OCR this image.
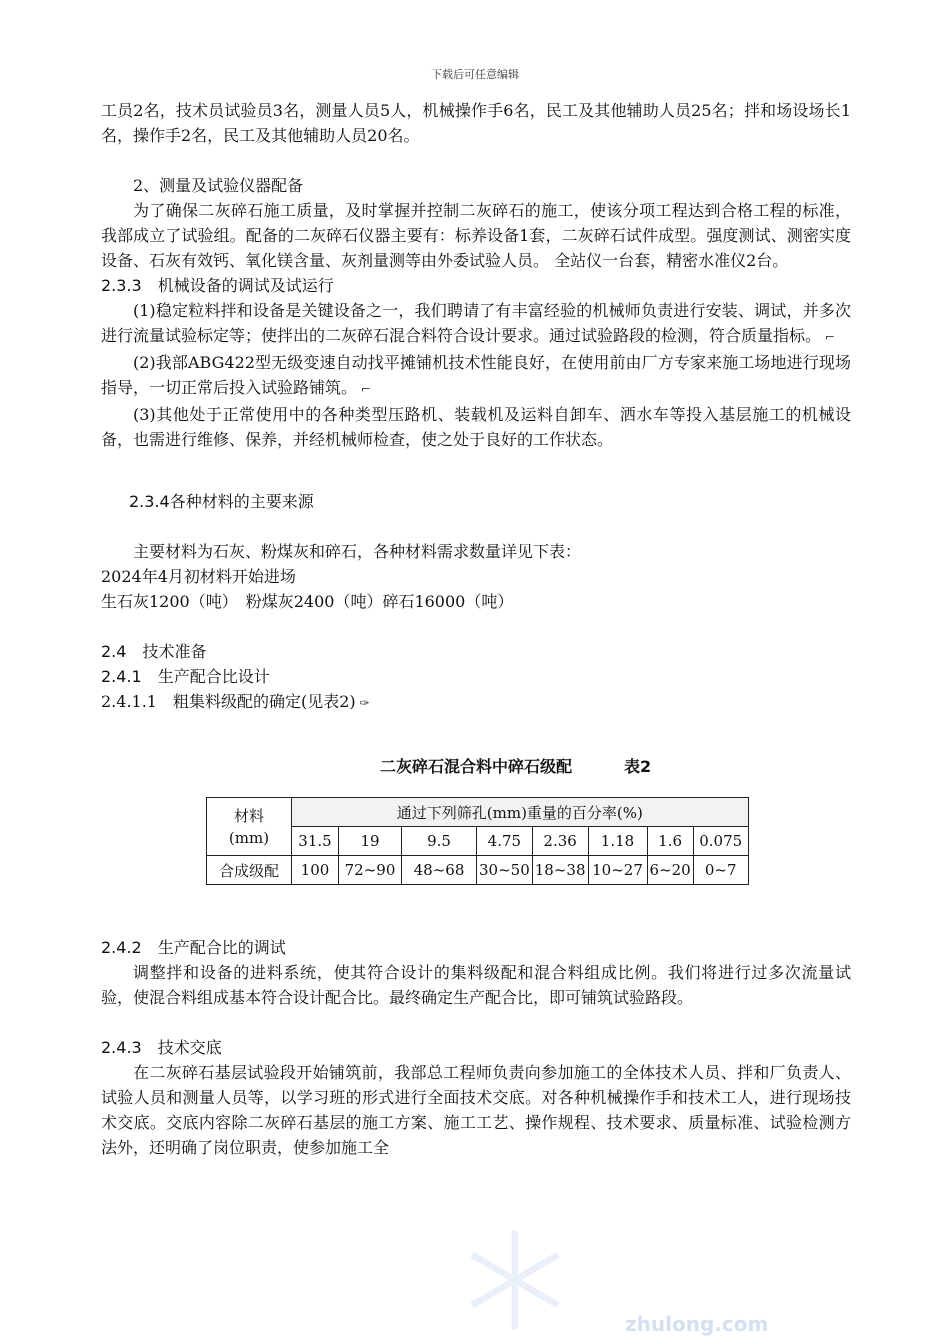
下载后可任意编辑

工员2名，技术员试验员3名，测量人员5人，机械操作手6名，民工及其他辅助人员25名；拌和场设场长1名，操作手2名，民工及其他辅助人员20名。

2、测量及试验仪器配备

为了确保二灰碎石施工质量，及时掌握并控制二灰碎石的施工，使该分项工程达到合格工程的标准，我部成立了试验组。配备的二灰碎石仪器主要有：标养设备1套，二灰碎石试件成型。强度测试、测密实度设备、石灰有效钙、氧化镁含量、灰剂量测等由外委试验人员。 全站仪一台套，精密水准仪2台。

2.3.3　机械设备的调试及试运行

(1)稳定粒料拌和设备是关键设备之一，我们聘请了有丰富经验的机械师负责进行安装、调试，并多次进行流量试验标定等；使拌出的二灰碎石混合料符合设计要求。通过试验路段的检测，符合质量指标。 ⌐

(2)我部ABG422型无级变速自动找平摊铺机技术性能良好，在使用前由厂方专家来施工场地进行现场指导，一切正常后投入试验路铺筑。 ⌐

(3)其他处于正常使用中的各种类型压路机、装载机及运料自卸车、洒水车等投入基层施工的机械设备，也需进行维修、保养，并经机械师检查，使之处于良好的工作状态。

2.3.4各种材料的主要来源

主要材料为石灰、粉煤灰和碎石，各种材料需求数量详见下表：

2024年4月初材料开始进场

生石灰1200（吨）　粉煤灰2400（吨）碎石16000（吨）

2.4　技术准备

2.4.1　生产配合比设计

2.4.1.1　粗集料级配的确定(见表2) ✑

二灰碎石混合料中碎石级配	表2
材料
(mm)	通过下列筛孔(mm)重量的百分率(%)							
	31.5	19	9.5	4.75	2.36	1.18	1.6	0.075
合成级配	100	72~90	48~68	30~50	18~38	10~27	6~20	0~7

2.4.2　生产配合比的调试

调整拌和设备的进料系统，使其符合设计的集料级配和混合料组成比例。我们将进行过多次流量试验，使混合料组成基本符合设计配合比。最终确定生产配合比，即可铺筑试验路段。

2.4.3　技术交底

在二灰碎石基层试验段开始铺筑前，我部总工程师负责向参加施工的全体技术人员、拌和厂负责人、试验人员和测量人员等，以学习班的形式进行全面技术交底。对各种机械操作手和技术工人，进行现场技术交底。交底内容除二灰碎石基层的施工方案、施工工艺、操作规程、技术要求、质量标准、试验检测方法外，还明确了岗位职责，使参加施工全

zhulong.com
